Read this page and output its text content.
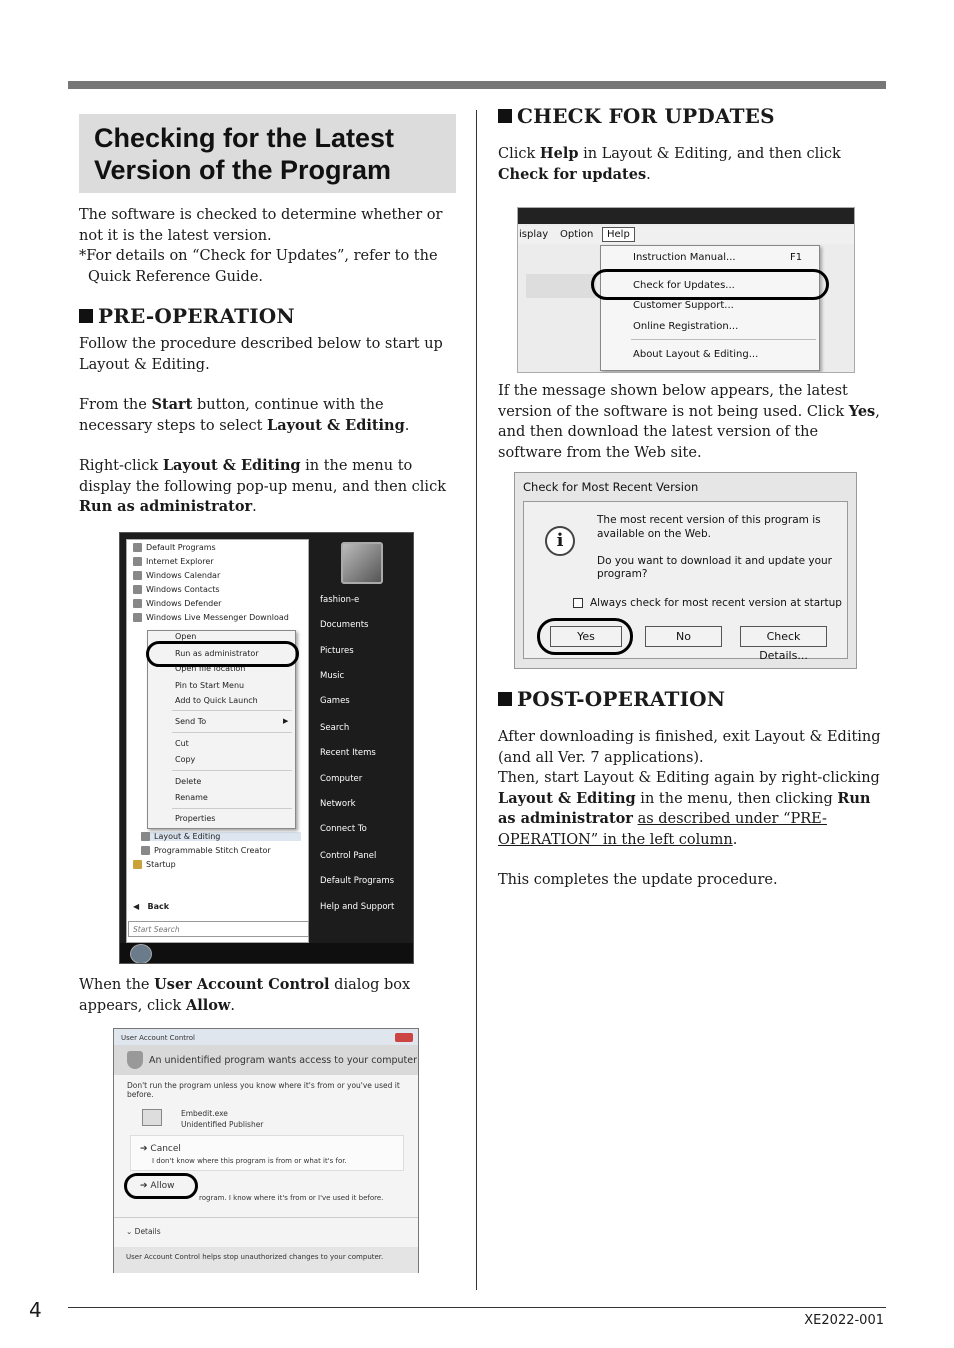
Checking for the Latest
Version of the Program

The software is checked to determine whether or not it is the latest version.

*For details on “Check for Updates”, refer to the Quick Reference Guide.

PRE-OPERATION

Follow the procedure described below to start up Layout & Editing.

From the Start button, continue with the necessary steps to select Layout & Editing.

Right-click Layout & Editing in the menu to display the following pop-up menu, and then click Run as administrator.

Default Programs
Internet Explorer
Windows Calendar
Windows Contacts
Windows Defender
Windows Live Messenger Download
Layout & Editing
Programmable Stitch Creator
Startup
◀   Back
Start Search
fashion-e
Documents
Pictures
Music
Games
Search
Recent Items
Computer
Network
Connect To
Control Panel
Default Programs
Help and Support
Open
Run as administrator
Open file location
Pin to Start Menu
Add to Quick Launch
Send To	▶
Cut
Copy
Delete
Rename
Properties

When the User Account Control dialog box appears, click Allow.

User Account Control
An unidentified program wants access to your computer
Don't run the program unless you know where it's from or you've used it before.
Embedit.exe
Unidentified Publisher
➔ Cancel
I don't know where this program is from or what it's for.
➔ Allow
rogram. I know where it's from or I've used it before.
⌄ Details
User Account Control helps stop unauthorized changes to your computer.
CHECK FOR UPDATES

Click Help in Layout & Editing, and then click Check for updates.

isplay Option	Help
Instruction Manual...	F1
Check for Updates...
Customer Support...
Online Registration...
About Layout & Editing...

If the message shown below appears, the latest version of the software is not being used. Click Yes, and then download the latest version of the software from the Web site.

Check for Most Recent Version
i
The most recent version of this program is
available on the Web.
Do you want to download it and update your
program?
Always check for most recent version at startup
Yes	No	Check Details...
POST-OPERATION

After downloading is finished, exit Layout & Editing (and all Ver. 7 applications).

Then, start Layout & Editing again by right-clicking Layout & Editing in the menu, then clicking Run as administrator as described under “PRE-OPERATION” in the left column.

This completes the update procedure.

4	XE2022-001
